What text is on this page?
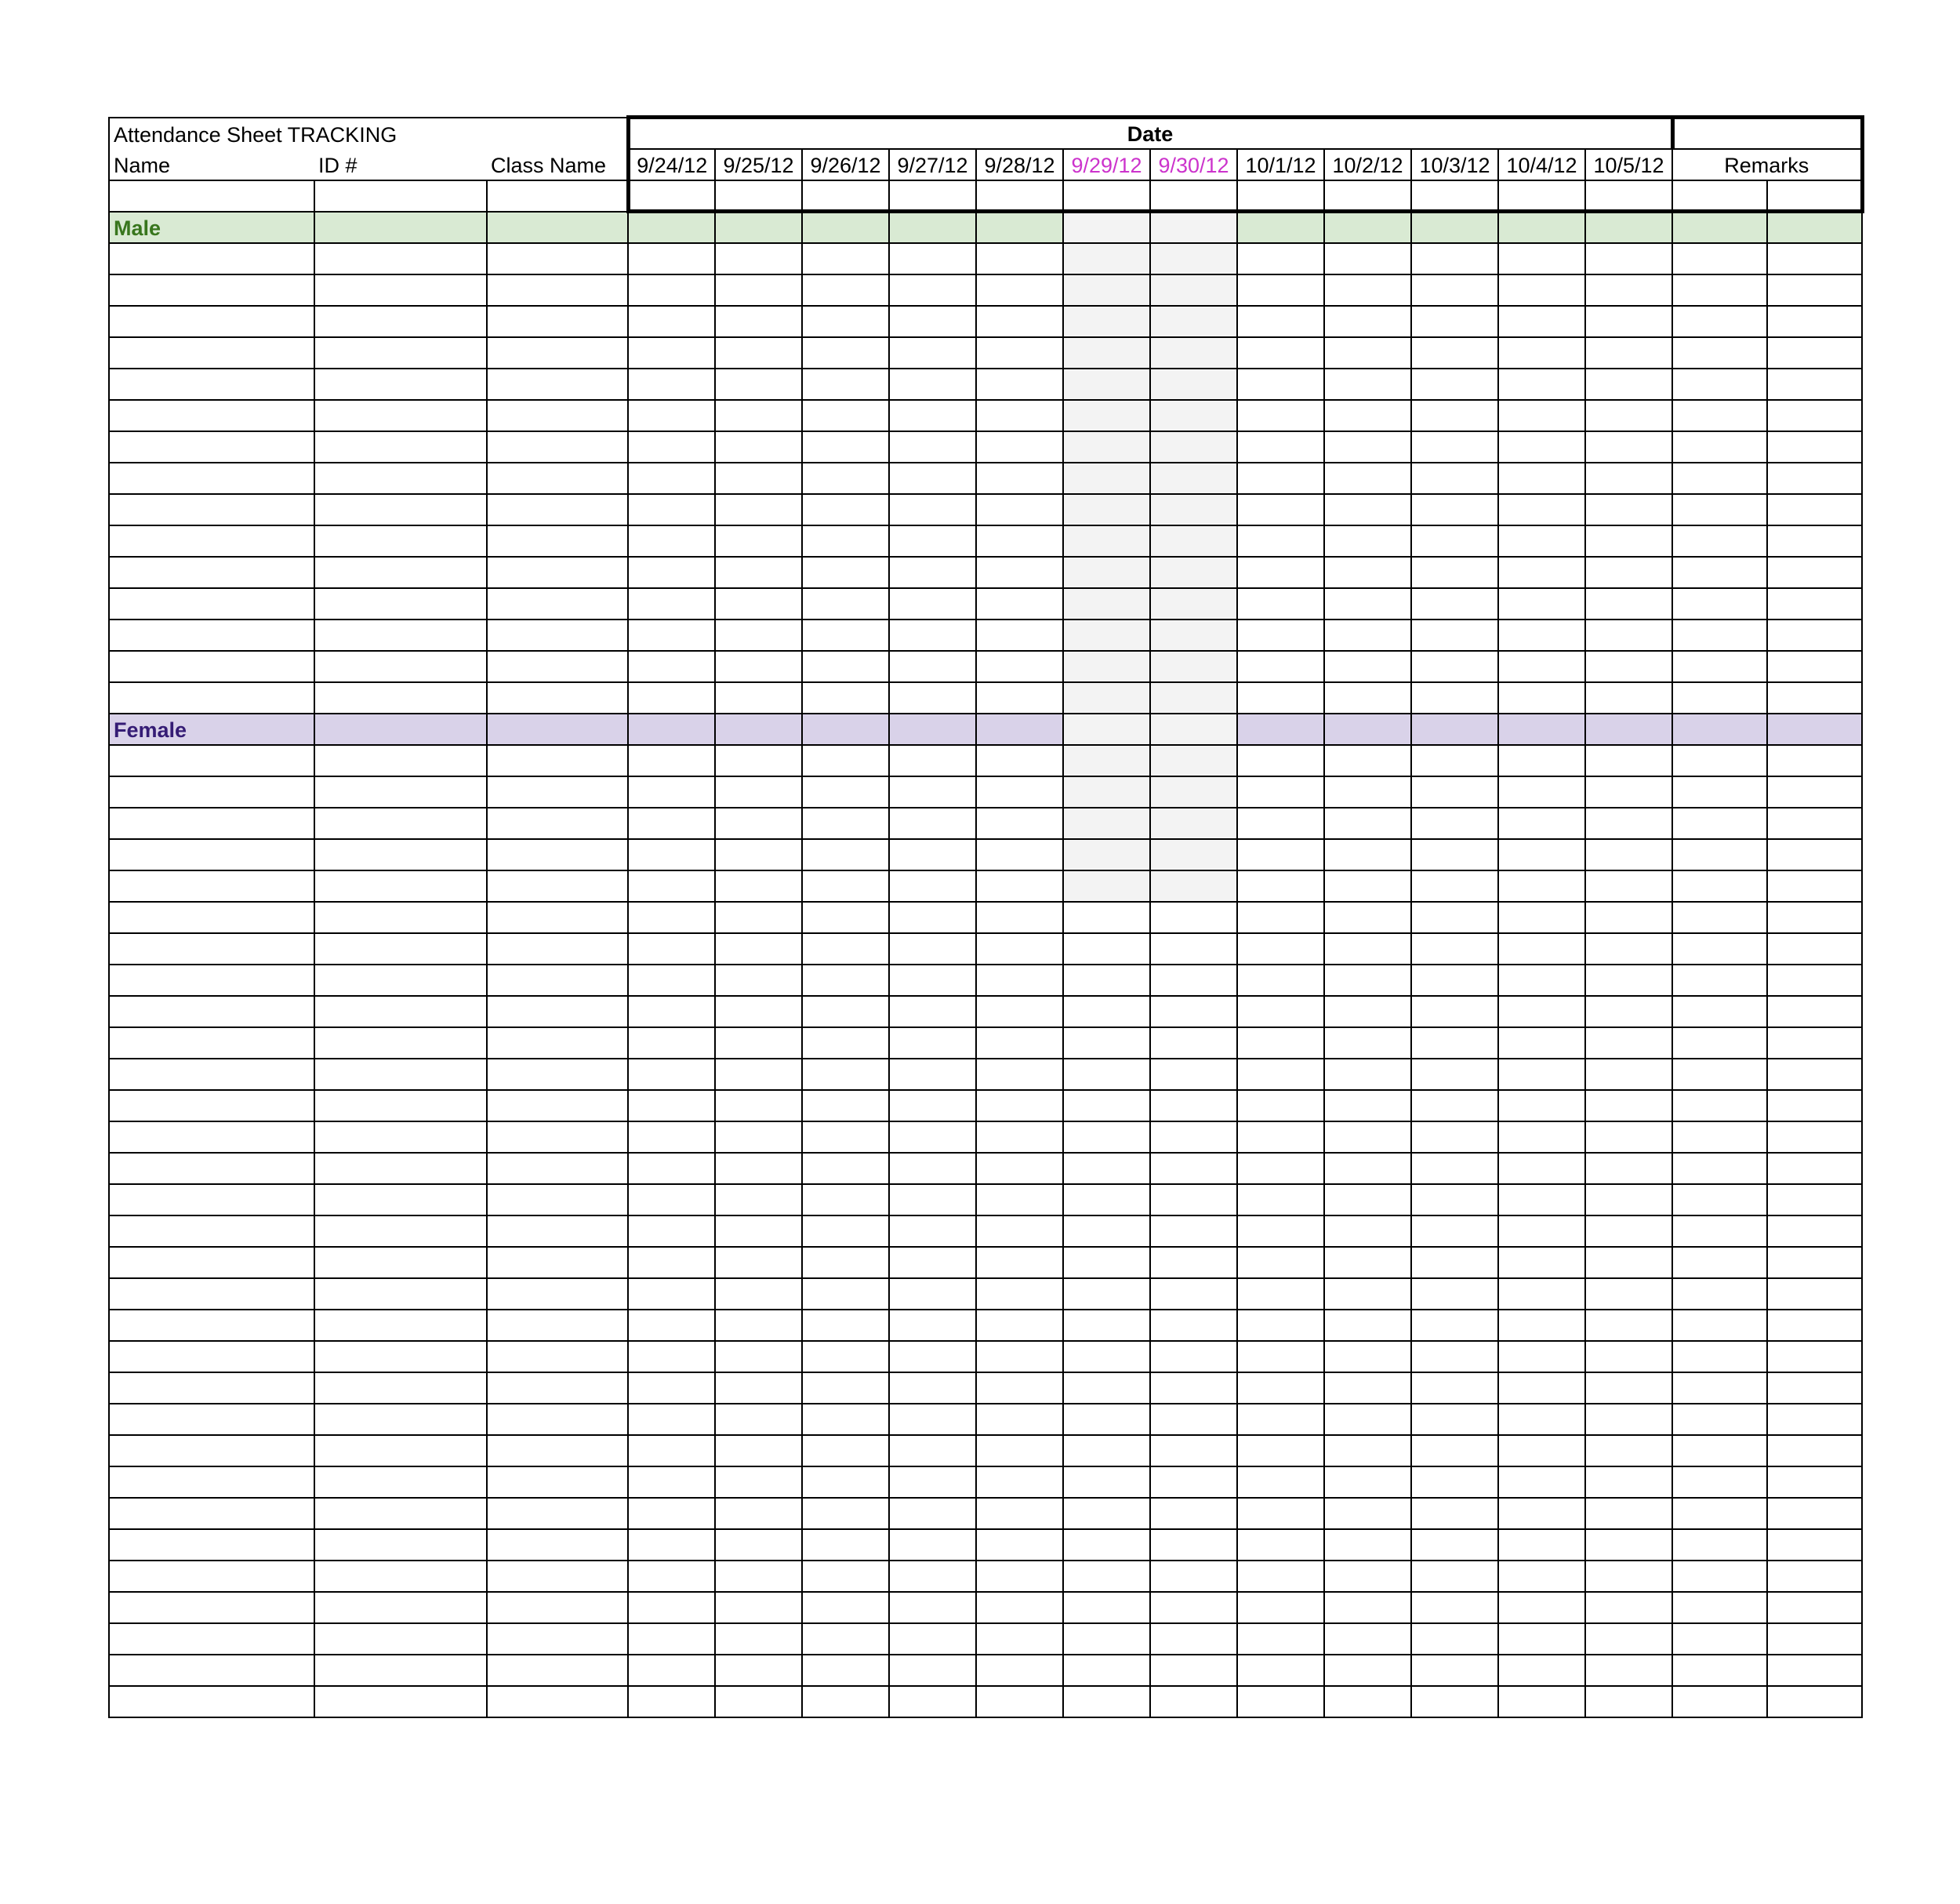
Attendance Sheet TRACKING			Date													
Name	ID #	Class Name	9/24/12	9/25/12	9/26/12	9/27/12	9/28/12	9/29/12	9/30/12	10/1/12	10/2/12	10/3/12	10/4/12	10/5/12	Remarks	

Male																

Female																
